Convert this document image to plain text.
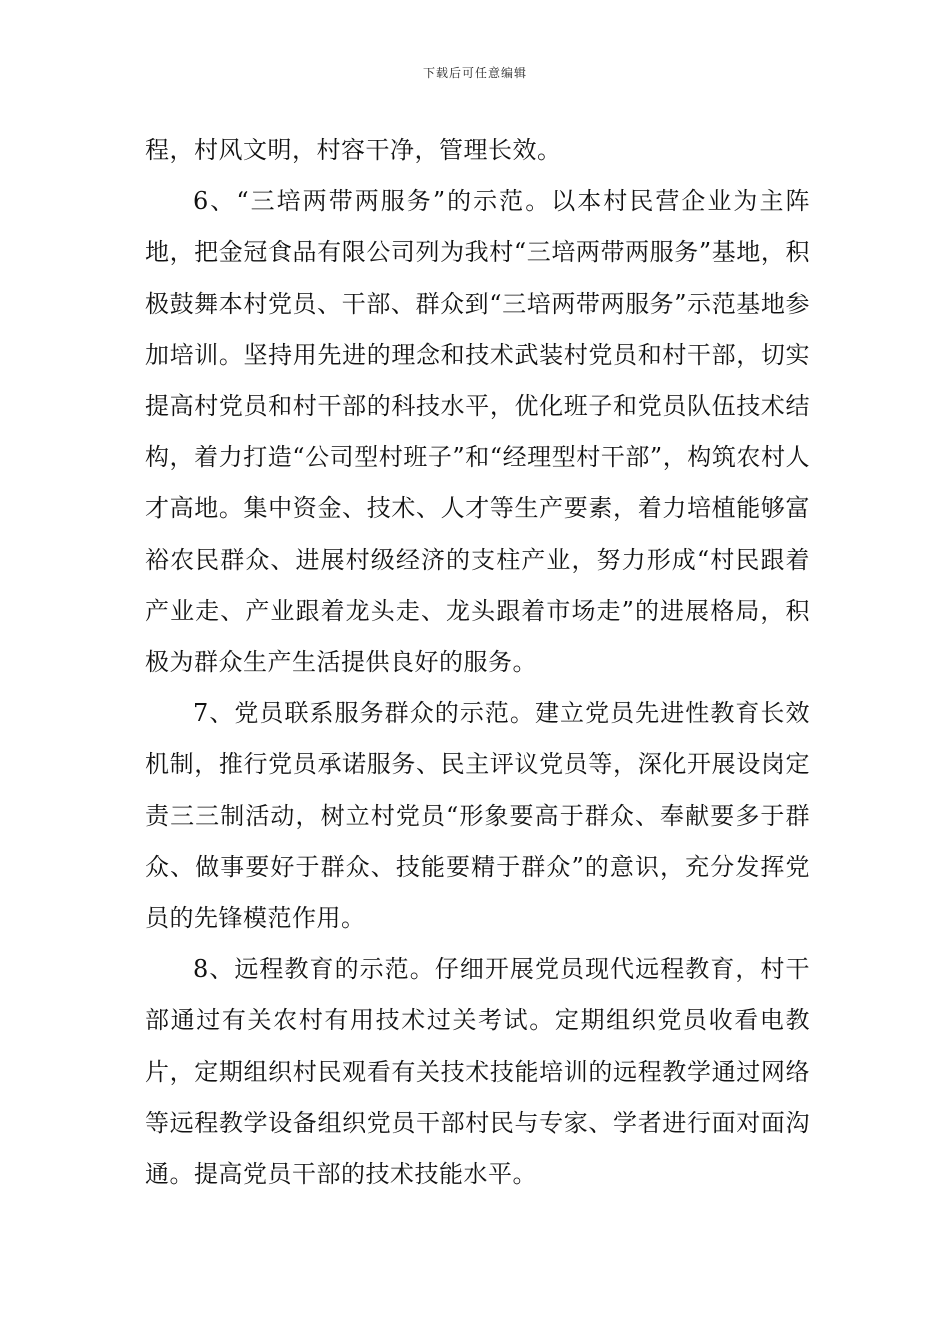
下载后可任意编辑

程，村风文明，村容干净，管理长效。

6、“三培两带两服务”的示范。以本村民营企业为主阵地，把金冠食品有限公司列为我村“三培两带两服务”基地，积极鼓舞本村党员、干部、群众到“三培两带两服务”示范基地参加培训。坚持用先进的理念和技术武装村党员和村干部，切实提高村党员和村干部的科技水平，优化班子和党员队伍技术结构，着力打造“公司型村班子”和“经理型村干部”，构筑农村人才高地。集中资金、技术、人才等生产要素，着力培植能够富裕农民群众、进展村级经济的支柱产业，努力形成“村民跟着产业走、产业跟着龙头走、龙头跟着市场走”的进展格局，积极为群众生产生活提供良好的服务。

7、党员联系服务群众的示范。建立党员先进性教育长效机制，推行党员承诺服务、民主评议党员等，深化开展设岗定责三三制活动，树立村党员“形象要高于群众、奉献要多于群众、做事要好于群众、技能要精于群众”的意识，充分发挥党员的先锋模范作用。

8、远程教育的示范。仔细开展党员现代远程教育，村干部通过有关农村有用技术过关考试。定期组织党员收看电教片，定期组织村民观看有关技术技能培训的远程教学通过网络等远程教学设备组织党员干部村民与专家、学者进行面对面沟通。提高党员干部的技术技能水平。
